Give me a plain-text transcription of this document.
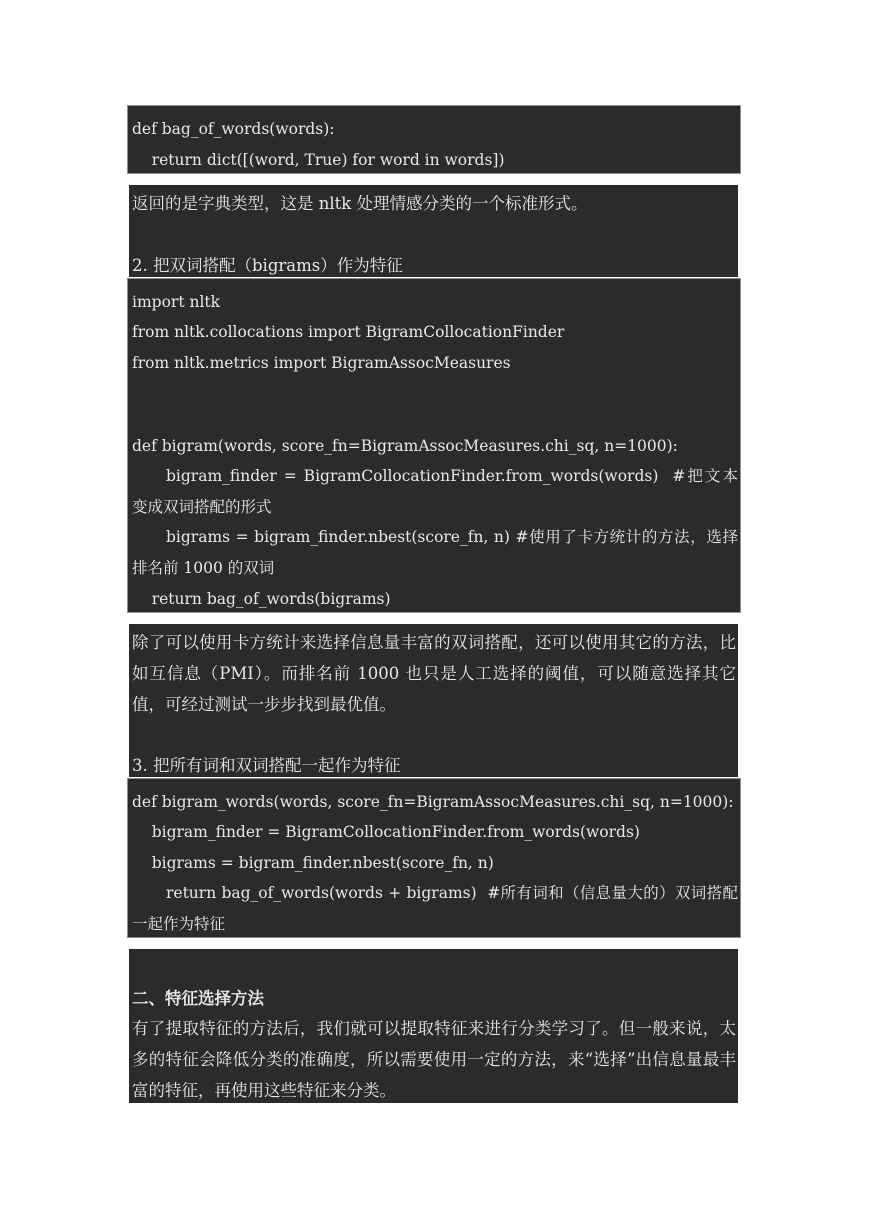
def bag_of_words(words):
return dict([(word, True) for word in words])
返回的是字典类型，这是 nltk 处理情感分类的一个标准形式。
2. 把双词搭配（bigrams）作为特征
import nltk
from nltk.collocations import BigramCollocationFinder
from nltk.metrics import BigramAssocMeasures
def bigram(words, score_fn=BigramAssocMeasures.chi_sq, n=1000):
bigram_finder = BigramCollocationFinder.from_words(words)  #把文本变成双词搭配的形式
bigrams = bigram_finder.nbest(score_fn, n) #使用了卡方统计的方法，选择排名前 1000 的双词
return bag_of_words(bigrams)
除了可以使用卡方统计来选择信息量丰富的双词搭配，还可以使用其它的方法，比如互信息（PMI）。而排名前 1000 也只是人工选择的阈值，可以随意选择其它值，可经过测试一步步找到最优值。
3. 把所有词和双词搭配一起作为特征
def bigram_words(words, score_fn=BigramAssocMeasures.chi_sq, n=1000):
bigram_finder = BigramCollocationFinder.from_words(words)
bigrams = bigram_finder.nbest(score_fn, n)
return bag_of_words(words + bigrams)  #所有词和（信息量大的）双词搭配一起作为特征
二、特征选择方法
有了提取特征的方法后，我们就可以提取特征来进行分类学习了。但一般来说，太多的特征会降低分类的准确度，所以需要使用一定的方法，来“选择”出信息量最丰富的特征，再使用这些特征来分类。
